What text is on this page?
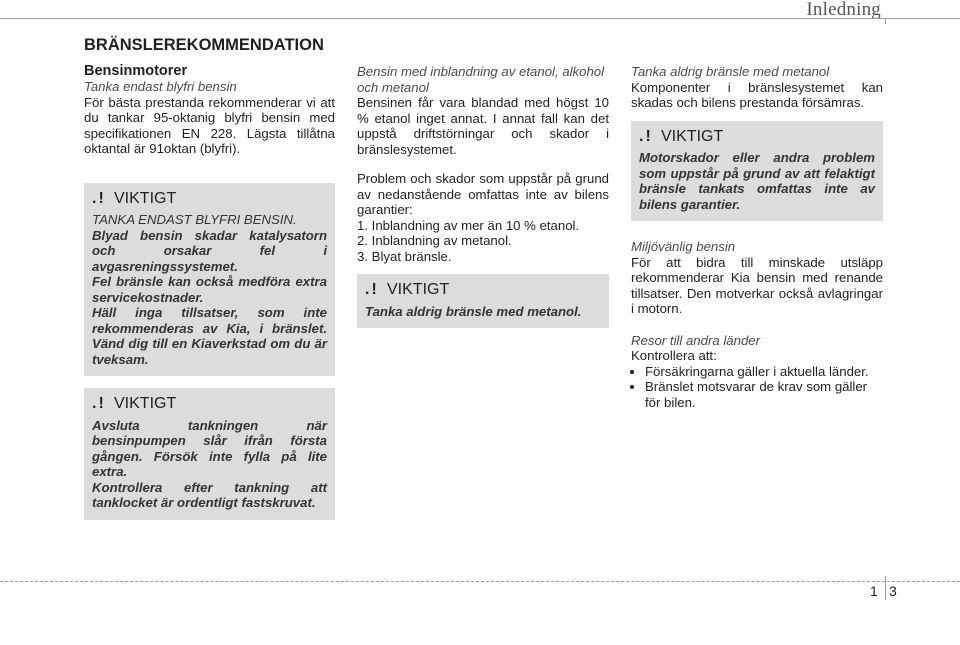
Inledning
BRÄNSLEREKOMMENDATION
Bensinmotorer
Tanka endast blyfri bensin

För bästa prestanda rekommenderar vi att du tankar 95-oktanig blyfri bensin med specifikationen EN 228. Lägsta tillåtna oktantal är 91oktan (blyfri).

.! VIKTIGT
TANKA ENDAST BLYFRI BENSIN.
Blyad bensin skadar katalysatorn och orsakar fel i avgasreningssystemet.
Fel bränsle kan också medföra extra servicekostnader.
Häll inga tillsatser, som inte rekommenderas av Kia, i bränslet. Vänd dig till en Kiaverkstad om du är tveksam.
.! VIKTIGT
Avsluta tankningen när bensinpumpen slår ifrån första gången. Försök inte fylla på lite extra.
Kontrollera efter tankning att tanklocket är ordentligt fastskruvat.
Bensin med inblandning av etanol, alkohol och metanol

Bensinen får vara blandad med högst 10 % etanol inget annat. I annat fall kan det uppstå driftstörningar och skador i bränslesystemet.

Problem och skador som uppstår på grund av nedanstående omfattas inte av bilens garantier:

1. Inblandning av mer än 10 % etanol.
2. Inblandning av metanol.
3. Blyat bränsle.
.! VIKTIGT
Tanka aldrig bränsle med metanol.
Tanka aldrig bränsle med metanol

Komponenter i bränslesystemet kan skadas och bilens prestanda försämras.

.! VIKTIGT
Motorskador eller andra problem som uppstår på grund av att felaktigt bränsle tankats omfattas inte av bilens garantier.
Miljövänlig bensin

För att bidra till minskade utsläpp rekommenderar Kia bensin med renande tillsatser. Den motverkar också avlagringar i motorn.

Resor till andra länder
Kontrollera att:
• Försäkringarna gäller i aktuella länder.
• Bränslet motsvarar de krav som gäller för bilen.
1 3
